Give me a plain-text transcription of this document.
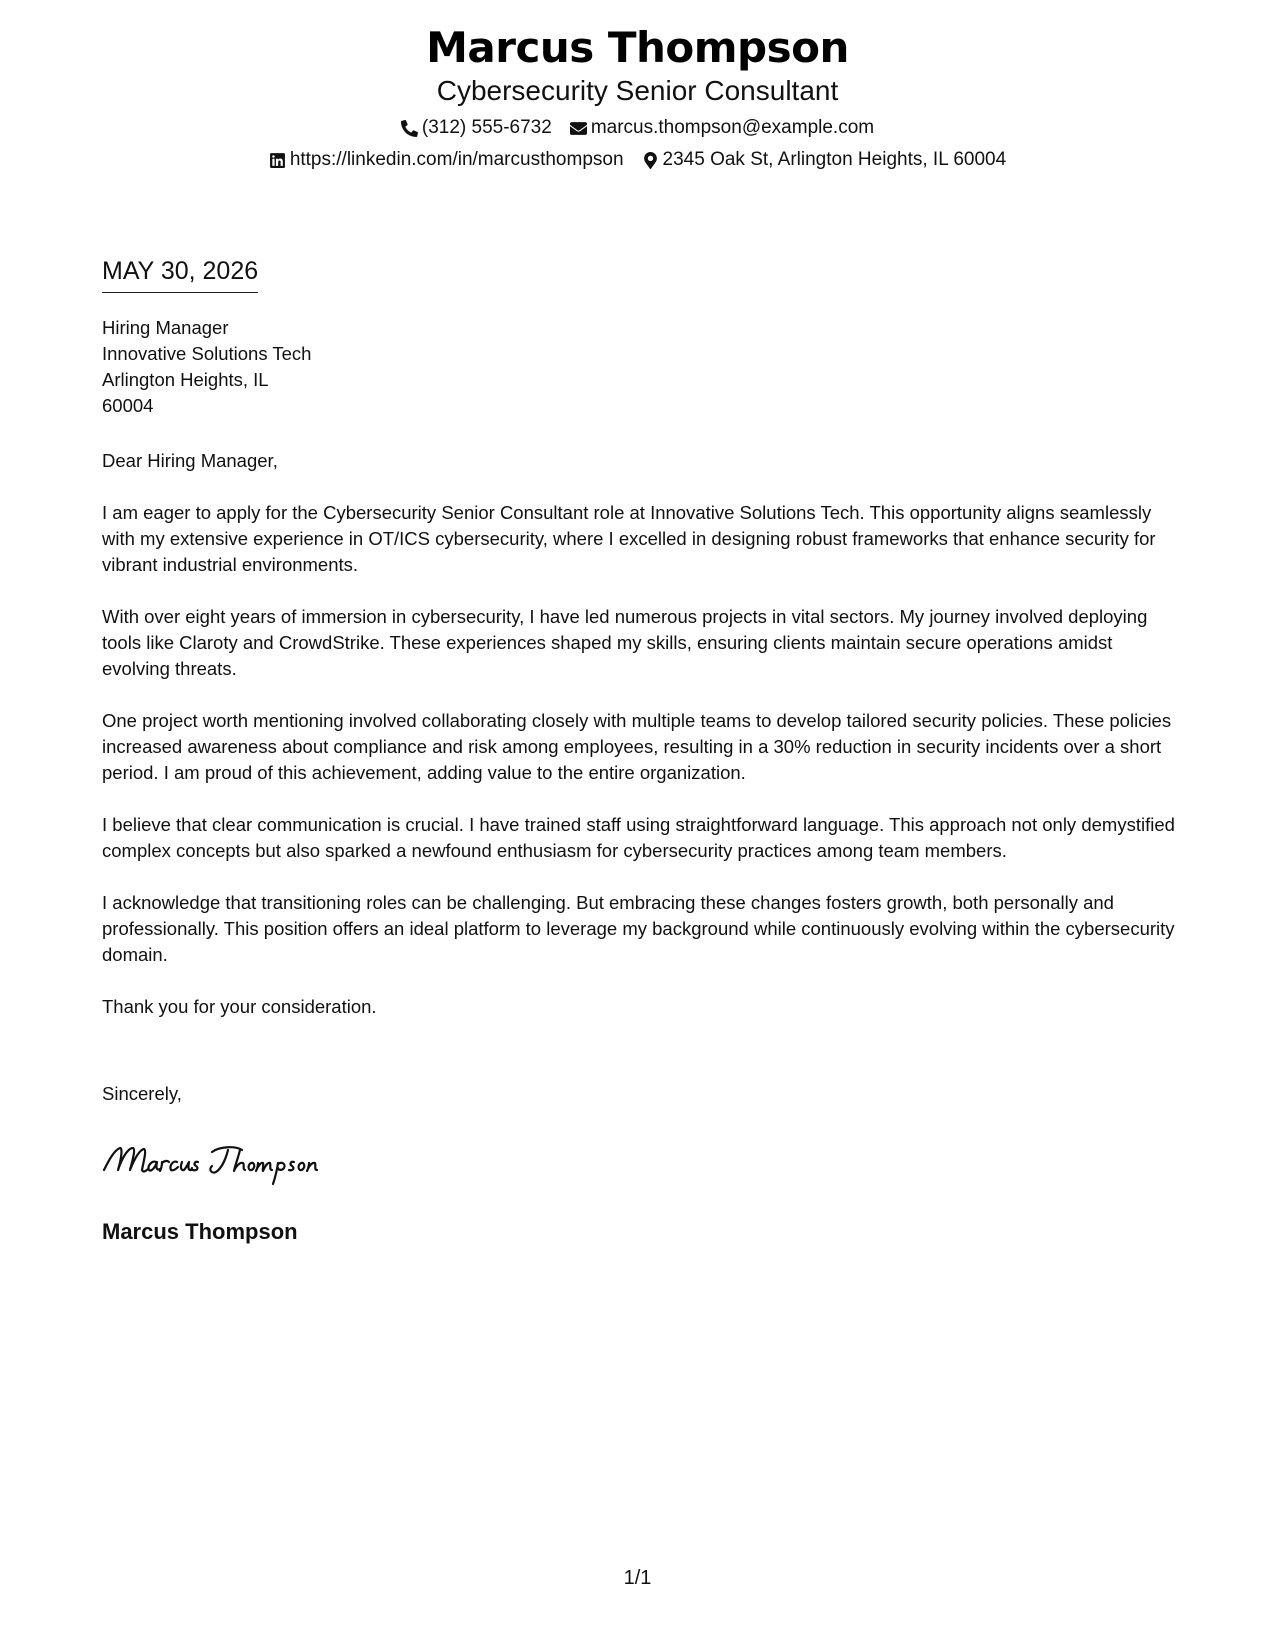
Marcus Thompson
Cybersecurity Senior Consultant
(312) 555-6732 marcus.thompson@example.com
https://linkedin.com/in/marcusthompson 2345 Oak St, Arlington Heights, IL 60004
MAY 30, 2026
Hiring Manager
Innovative Solutions Tech
Arlington Heights, IL
60004

Dear Hiring Manager,

I am eager to apply for the Cybersecurity Senior Consultant role at Innovative Solutions Tech. This opportunity aligns seamlessly with my extensive experience in OT/ICS cybersecurity, where I excelled in designing robust frameworks that enhance security for vibrant industrial environments.

With over eight years of immersion in cybersecurity, I have led numerous projects in vital sectors. My journey involved deploying tools like Claroty and CrowdStrike. These experiences shaped my skills, ensuring clients maintain secure operations amidst evolving threats.

One project worth mentioning involved collaborating closely with multiple teams to develop tailored security policies. These policies increased awareness about compliance and risk among employees, resulting in a 30% reduction in security incidents over a short period. I am proud of this achievement, adding value to the entire organization.

I believe that clear communication is crucial. I have trained staff using straightforward language. This approach not only demystified complex concepts but also sparked a newfound enthusiasm for cybersecurity practices among team members.

I acknowledge that transitioning roles can be challenging. But embracing these changes fosters growth, both personally and professionally. This position offers an ideal platform to leverage my background while continuously evolving within the cybersecurity domain.

Thank you for your consideration.

Sincerely,
Marcus Thompson
1/1
